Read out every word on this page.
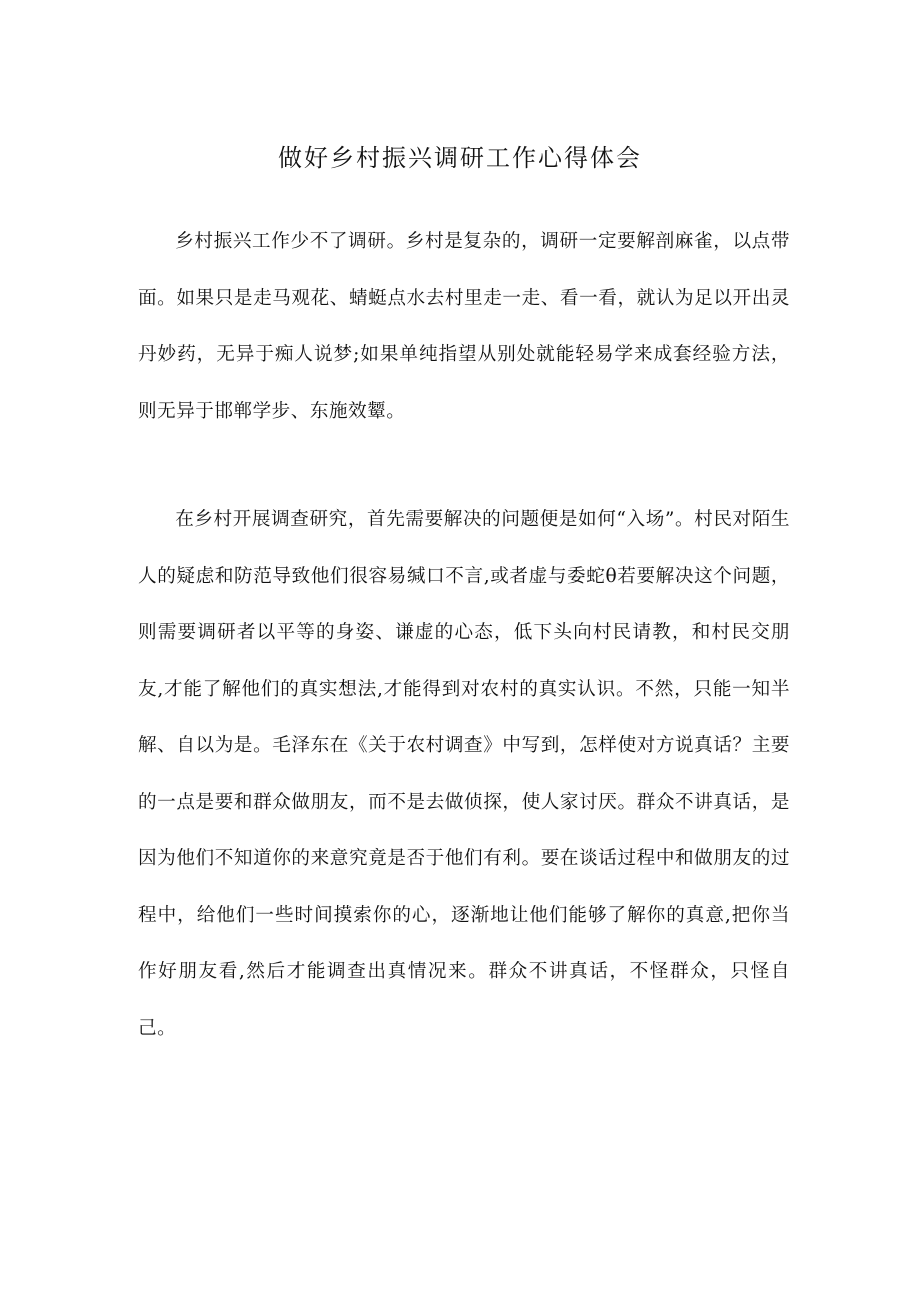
做好乡村振兴调研工作心得体会

乡村振兴工作少不了调研。乡村是复杂的，调研一定要解剖麻雀，以点带面。如果只是走马观花、蜻蜓点水去村里走一走、看一看，就认为足以开出灵丹妙药，无异于痴人说梦;如果单纯指望从别处就能轻易学来成套经验方法，则无异于邯郸学步、东施效颦。

在乡村开展调查研究，首先需要解决的问题便是如何“入场”。村民对陌生人的疑虑和防范导致他们很容易缄口不言,或者虚与委蛇θ若要解决这个问题，则需要调研者以平等的身姿、谦虚的心态，低下头向村民请教，和村民交朋友,才能了解他们的真实想法,才能得到对农村的真实认识。不然，只能一知半解、自以为是。毛泽东在《关于农村调查》中写到，怎样使对方说真话？主要的一点是要和群众做朋友，而不是去做侦探，使人家讨厌。群众不讲真话，是因为他们不知道你的来意究竟是否于他们有利。要在谈话过程中和做朋友的过程中，给他们一些时间摸索你的心，逐渐地让他们能够了解你的真意,把你当作好朋友看,然后才能调查出真情况来。群众不讲真话，不怪群众，只怪自己。
